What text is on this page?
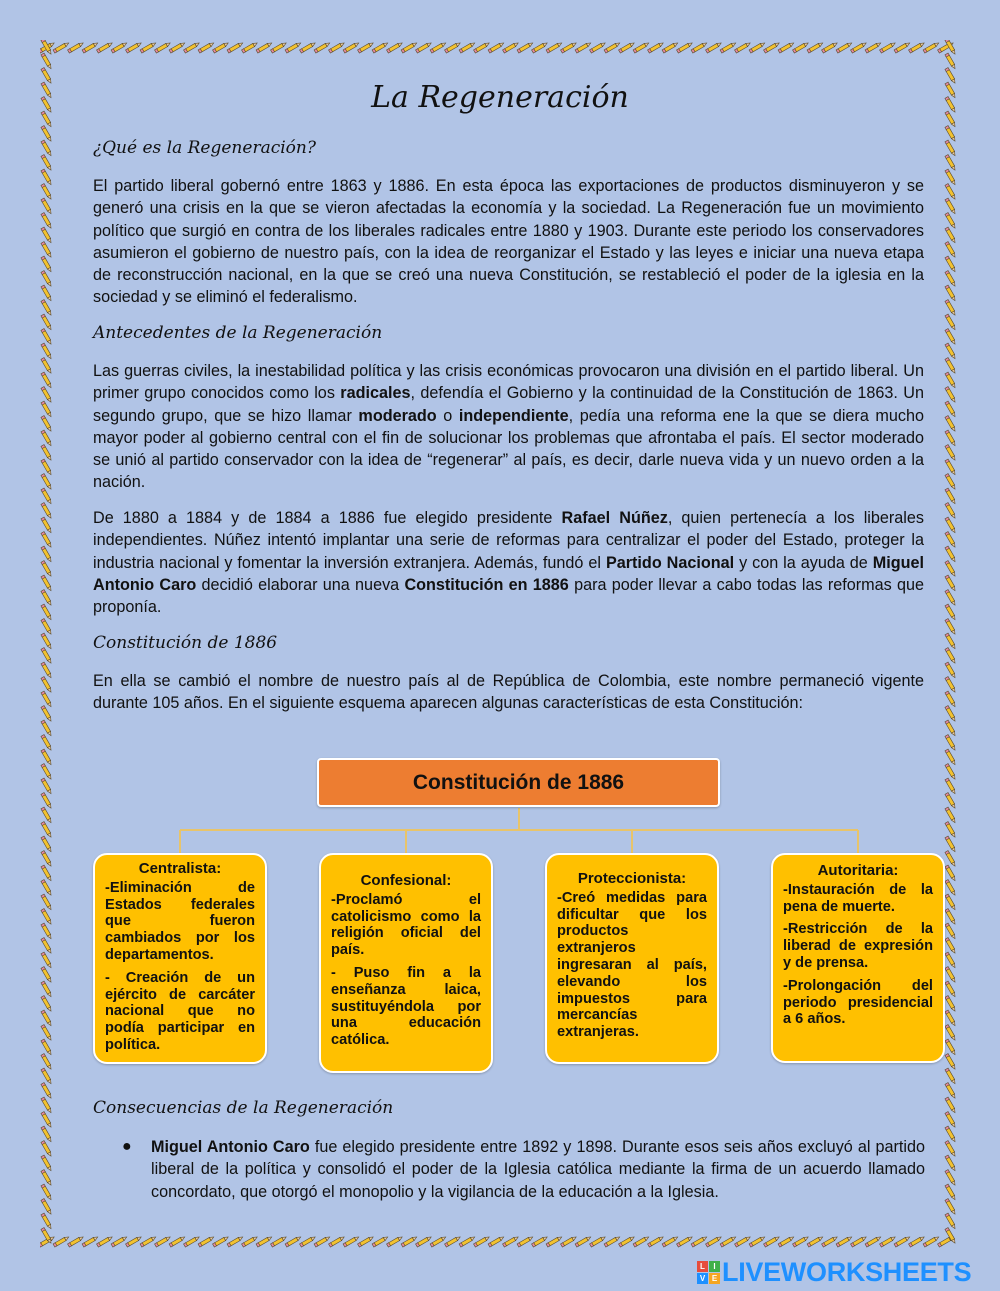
La Regeneración
¿Qué es la Regeneración?
El partido liberal gobernó entre 1863 y 1886. En esta época las exportaciones de productos disminuyeron y se generó una crisis en la que se vieron afectadas la economía y la sociedad. La Regeneración fue un movimiento político que surgió en contra de los liberales radicales entre 1880 y 1903. Durante este periodo los conservadores asumieron el gobierno de nuestro país, con la idea de reorganizar el Estado y las leyes e iniciar una nueva etapa de reconstrucción nacional, en la que se creó una nueva Constitución, se restableció el poder de la iglesia en la sociedad y se eliminó el federalismo.
Antecedentes de la Regeneración
Las guerras civiles, la inestabilidad política y las crisis económicas provocaron una división en el partido liberal. Un primer grupo conocidos como los radicales, defendía el Gobierno y la continuidad de la Constitución de 1863. Un segundo grupo, que se hizo llamar moderado o independiente, pedía una reforma ene la que se diera mucho mayor poder al gobierno central con el fin de solucionar los problemas que afrontaba el país. El sector moderado se unió al partido conservador con la idea de “regenerar” al país, es decir, darle nueva vida y un nuevo orden a la nación.
De 1880 a 1884 y de 1884 a 1886 fue elegido presidente Rafael Núñez, quien pertenecía a los liberales independientes. Núñez intentó implantar una serie de reformas para centralizar el poder del Estado, proteger la industria nacional y fomentar la inversión extranjera. Además, fundó el Partido Nacional y con la ayuda de Miguel Antonio Caro decidió elaborar una nueva Constitución en 1886 para poder llevar a cabo todas las reformas que proponía.
Constitución de 1886
En ella se cambió el nombre de nuestro país al de República de Colombia, este nombre permaneció vigente durante 105 años. En el siguiente esquema aparecen algunas características de esta Constitución:
Constitución de 1886
Centralista:
-Eliminación de Estados federales que fueron cambiados por los departamentos.
- Creación de un ejército de carcáter nacional que no podía participar en política.
Confesional:
-Proclamó el catolicismo como la religión oficial del país.
- Puso fin a la enseñanza laica, sustituyéndola por una educación católica.
Proteccionista:
-Creó medidas para dificultar que los productos extranjeros ingresaran al país, elevando los impuestos para mercancías extranjeras.
Autoritaria:
-Instauración de la pena de muerte.
-Restricción de la liberad de expresión y de prensa.
-Prolongación del periodo presidencial a 6 años.
Consecuencias de la Regeneración
● Miguel Antonio Caro fue elegido presidente entre 1892 y 1898. Durante esos seis años excluyó al partido liberal de la política y consolidó el poder de la Iglesia católica mediante la firma de un acuerdo llamado concordato, que otorgó el monopolio y la vigilancia de la educación a la Iglesia.
L	I
V E LIVEWORKSHEETS
